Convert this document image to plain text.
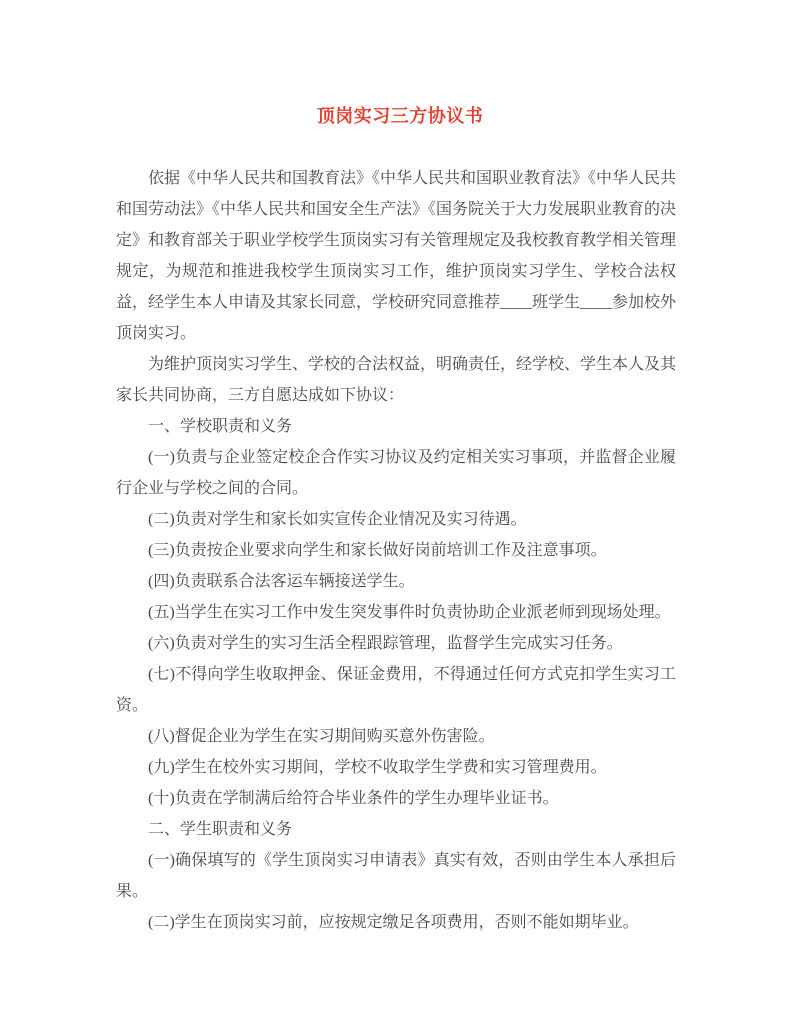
顶岗实习三方协议书

依据《中华人民共和国教育法》《中华人民共和国职业教育法》《中华人民共和国劳动法》《中华人民共和国安全生产法》《国务院关于大力发展职业教育的决定》和教育部关于职业学校学生顶岗实习有关管理规定及我校教育教学相关管理规定，为规范和推进我校学生顶岗实习工作，维护顶岗实习学生、学校合法权益，经学生本人申请及其家长同意，学校研究同意推荐____班学生____参加校外顶岗实习。

为维护顶岗实习学生、学校的合法权益，明确责任，经学校、学生本人及其家长共同协商，三方自愿达成如下协议：

一、学校职责和义务

(一)负责与企业签定校企合作实习协议及约定相关实习事项，并监督企业履行企业与学校之间的合同。

(二)负责对学生和家长如实宣传企业情况及实习待遇。

(三)负责按企业要求向学生和家长做好岗前培训工作及注意事项。

(四)负责联系合法客运车辆接送学生。

(五)当学生在实习工作中发生突发事件时负责协助企业派老师到现场处理。

(六)负责对学生的实习生活全程跟踪管理，监督学生完成实习任务。

(七)不得向学生收取押金、保证金费用，不得通过任何方式克扣学生实习工资。

(八)督促企业为学生在实习期间购买意外伤害险。

(九)学生在校外实习期间，学校不收取学生学费和实习管理费用。

(十)负责在学制满后给符合毕业条件的学生办理毕业证书。

二、学生职责和义务

(一)确保填写的《学生顶岗实习申请表》真实有效，否则由学生本人承担后果。

(二)学生在顶岗实习前，应按规定缴足各项费用，否则不能如期毕业。
